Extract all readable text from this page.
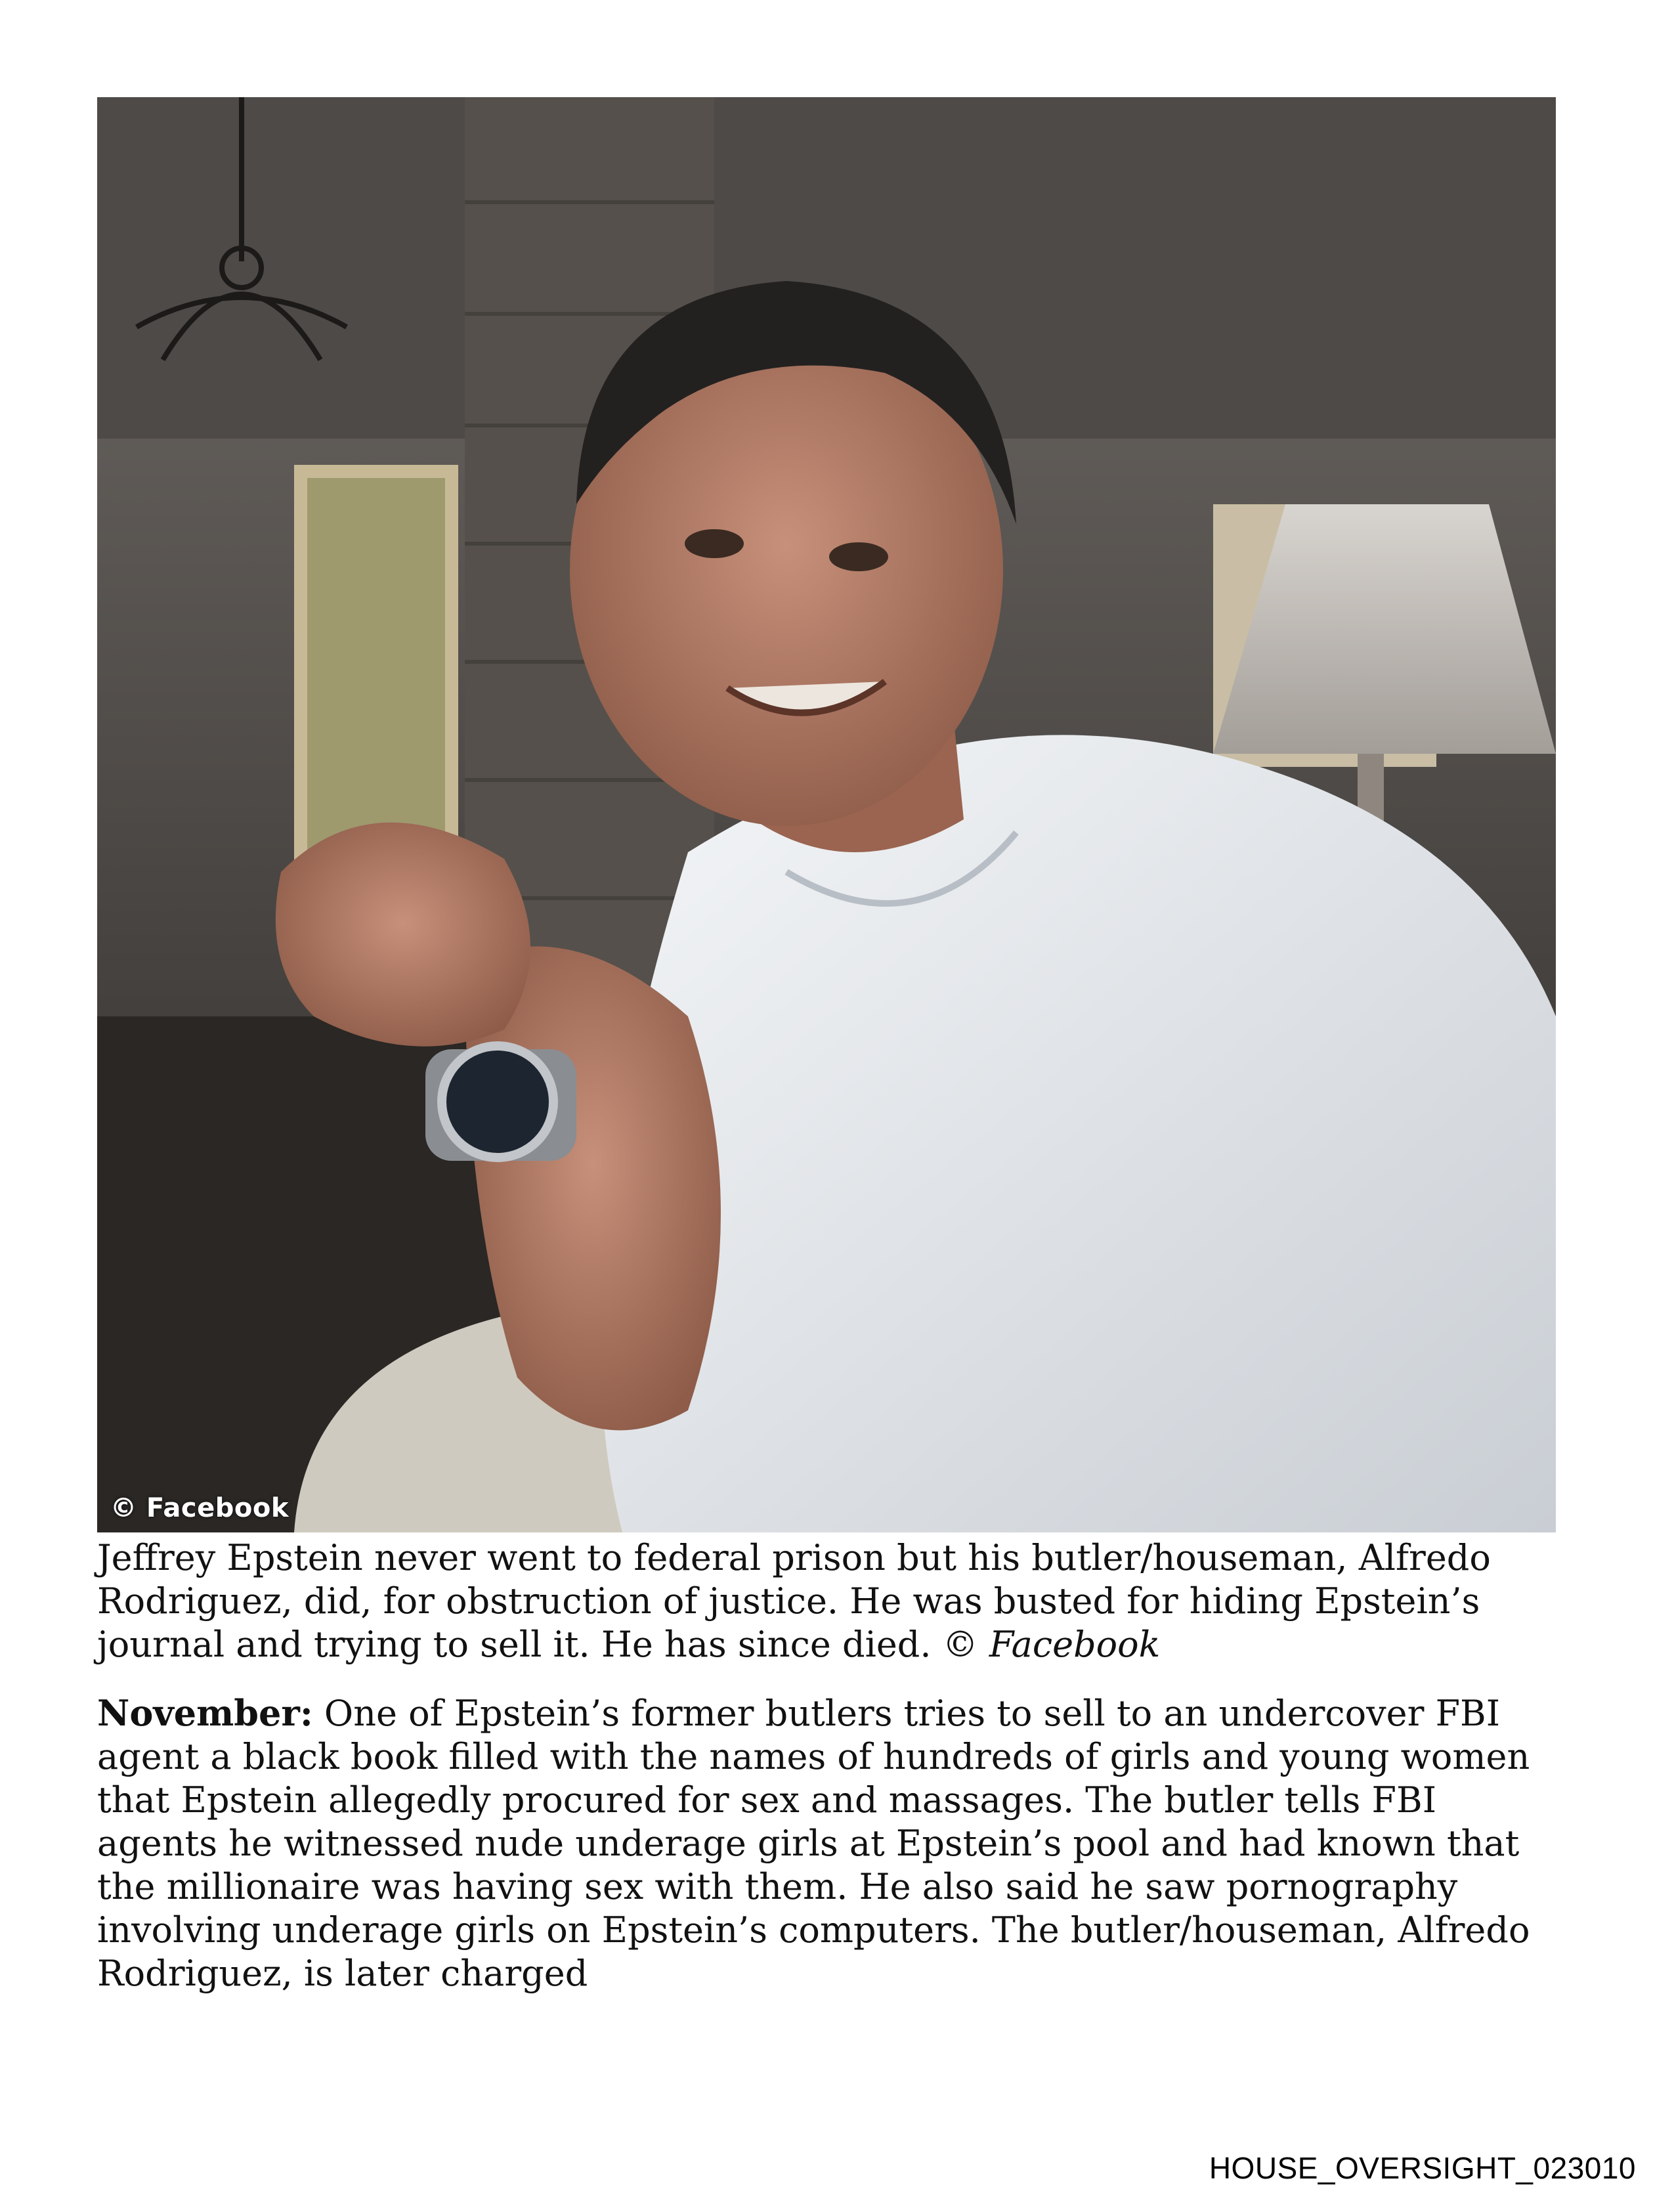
© Facebook

Jeffrey Epstein never went to federal prison but his butler/houseman, Alfredo Rodriguez, did, for obstruction of justice. He was busted for hiding Epstein’s journal and trying to sell it. He has since died. © Facebook

November: One of Epstein’s former butlers tries to sell to an undercover FBI agent a black book filled with the names of hundreds of girls and young women that Epstein allegedly procured for sex and massages. The butler tells FBI agents he witnessed nude underage girls at Epstein’s pool and had known that the millionaire was having sex with them. He also said he saw pornography involving underage girls on Epstein’s computers. The butler/houseman, Alfredo Rodriguez, is later charged

HOUSE_OVERSIGHT_023010
